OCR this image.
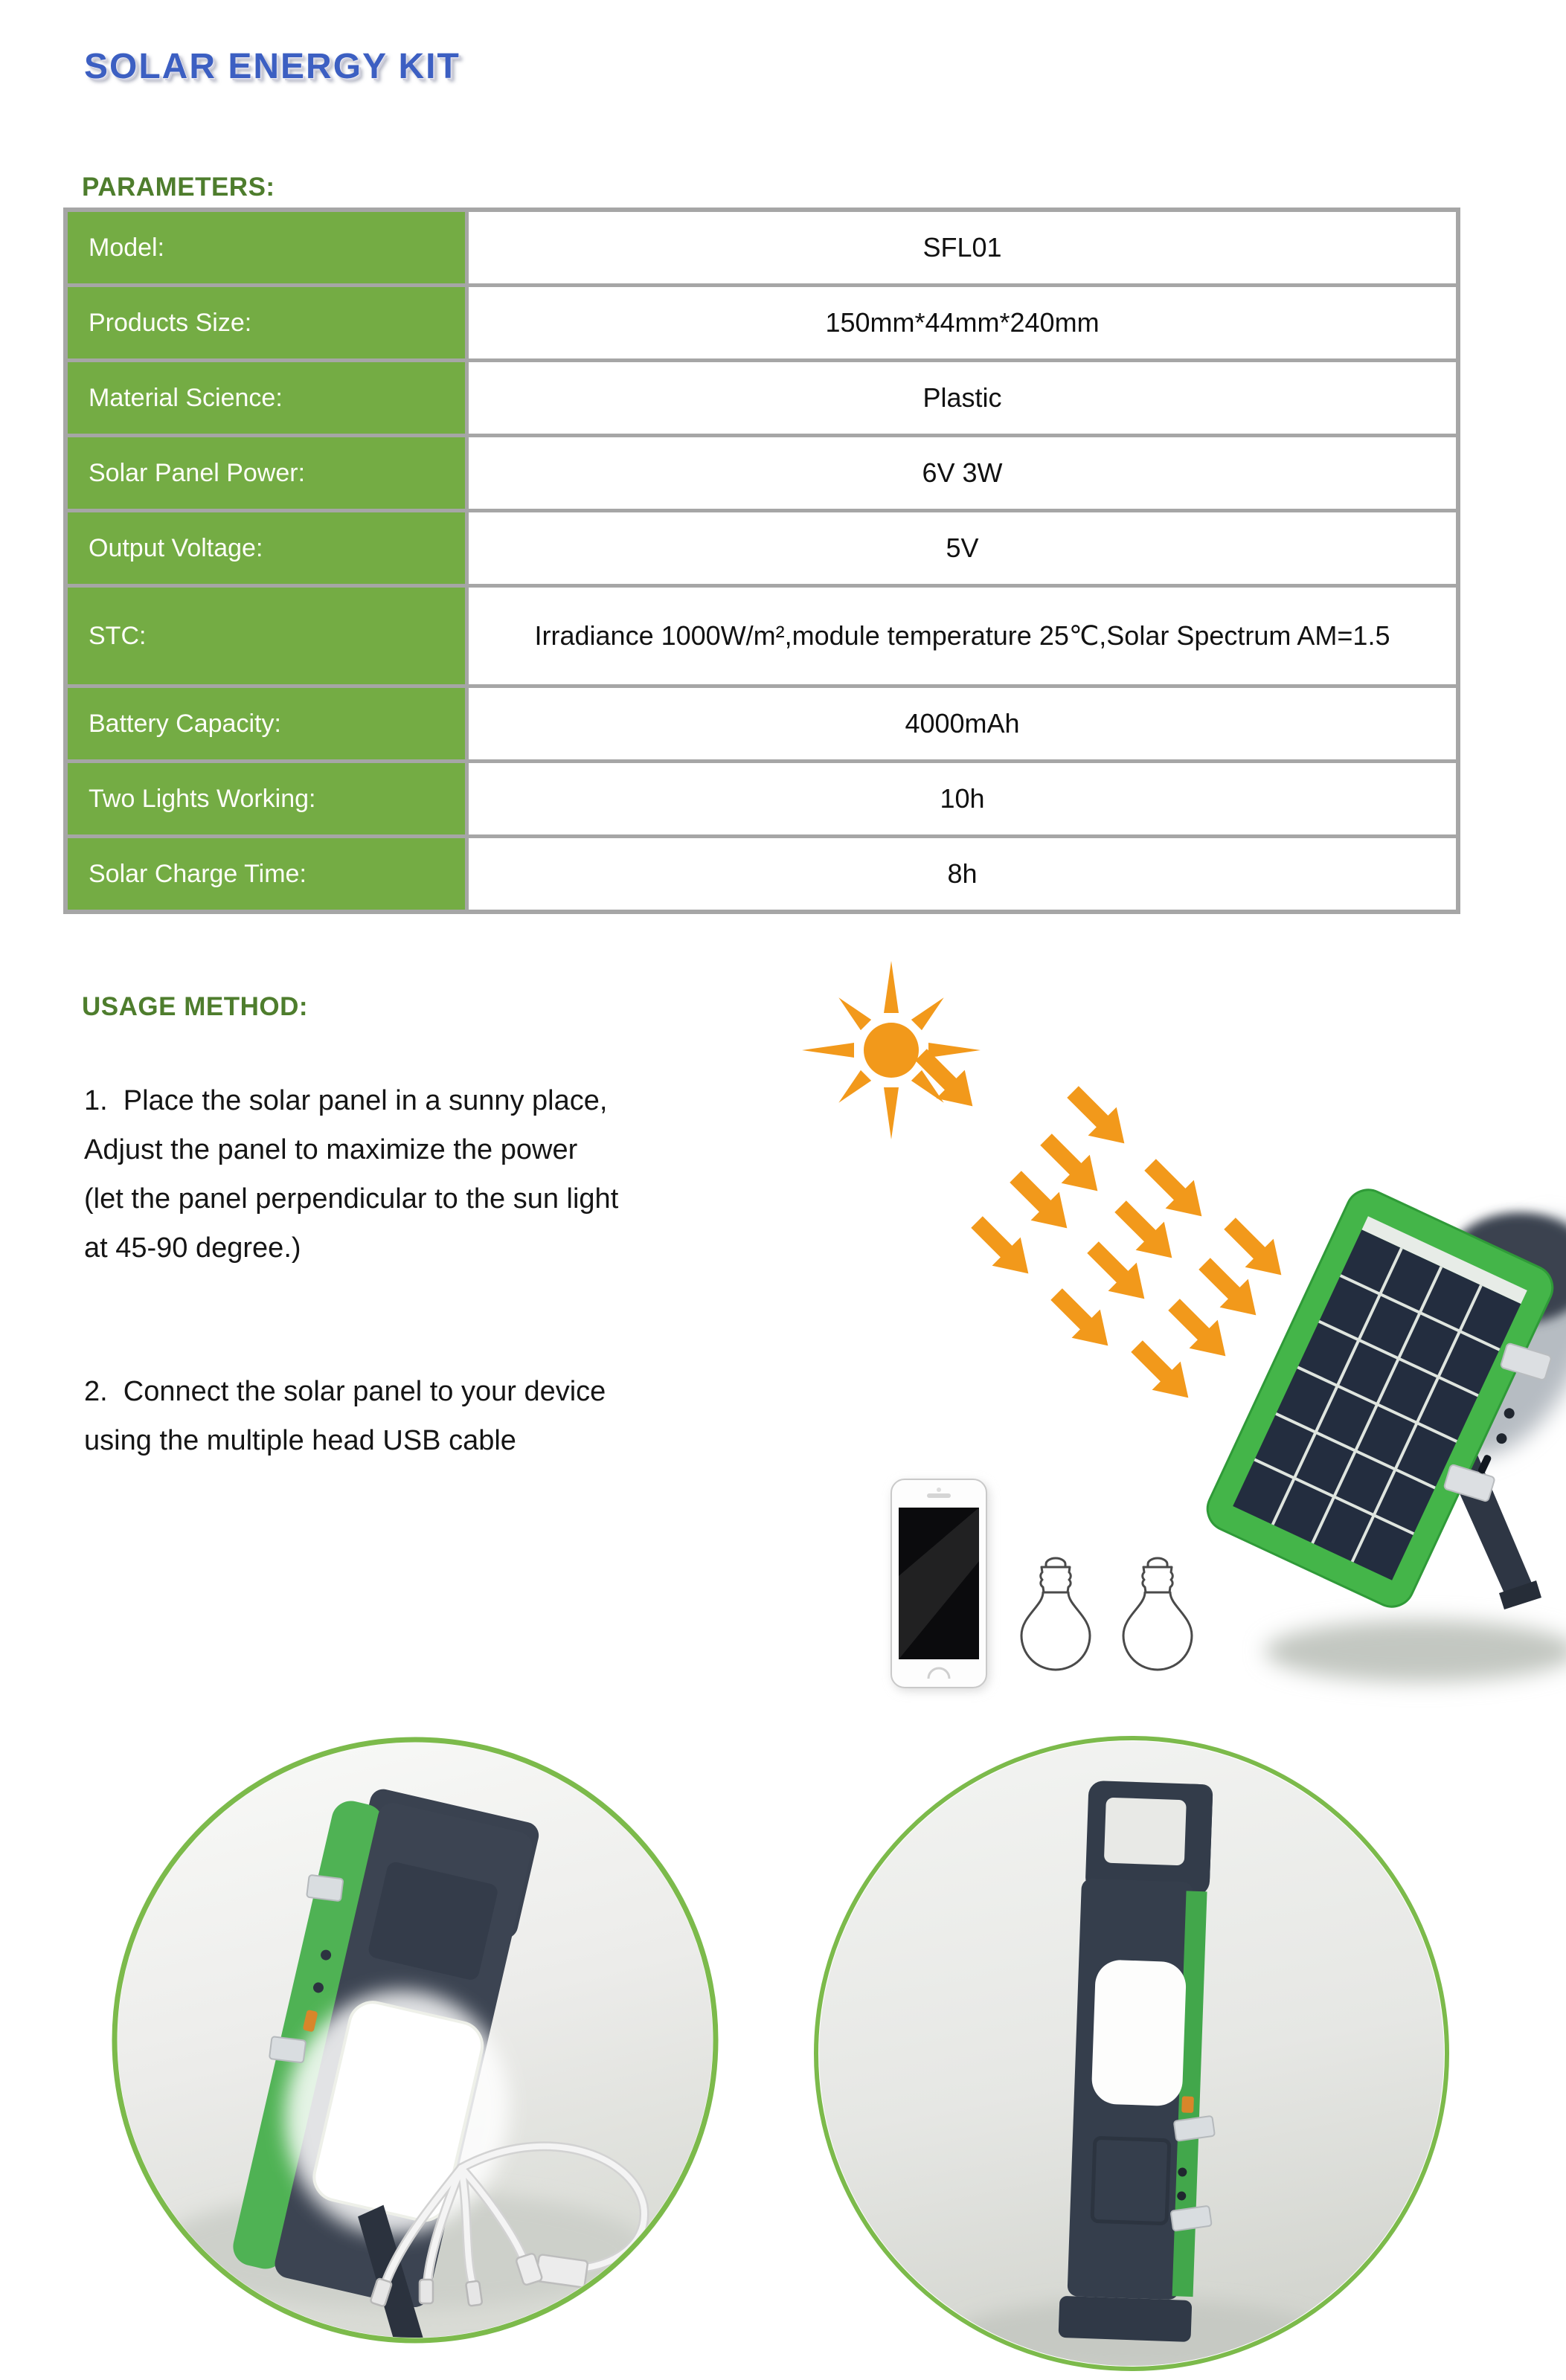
SOLAR ENERGY KIT
PARAMETERS:
Model:	SFL01
Products Size:	150mm*44mm*240mm
Material Science:	Plastic
Solar Panel Power:	6V 3W
Output Voltage:	5V
STC:	Irradiance 1000W/m²,module temperature 25℃,Solar Spectrum AM=1.5
Battery Capacity:	4000mAh
Two Lights Working:	10h
Solar Charge Time:	8h
USAGE METHOD:
1.  Place the solar panel in a sunny place,
Adjust the panel to maximize the power
(let the panel perpendicular to the sun light
at 45-90 degree.)
2.  Connect the solar panel to your device
using the multiple head USB cable
